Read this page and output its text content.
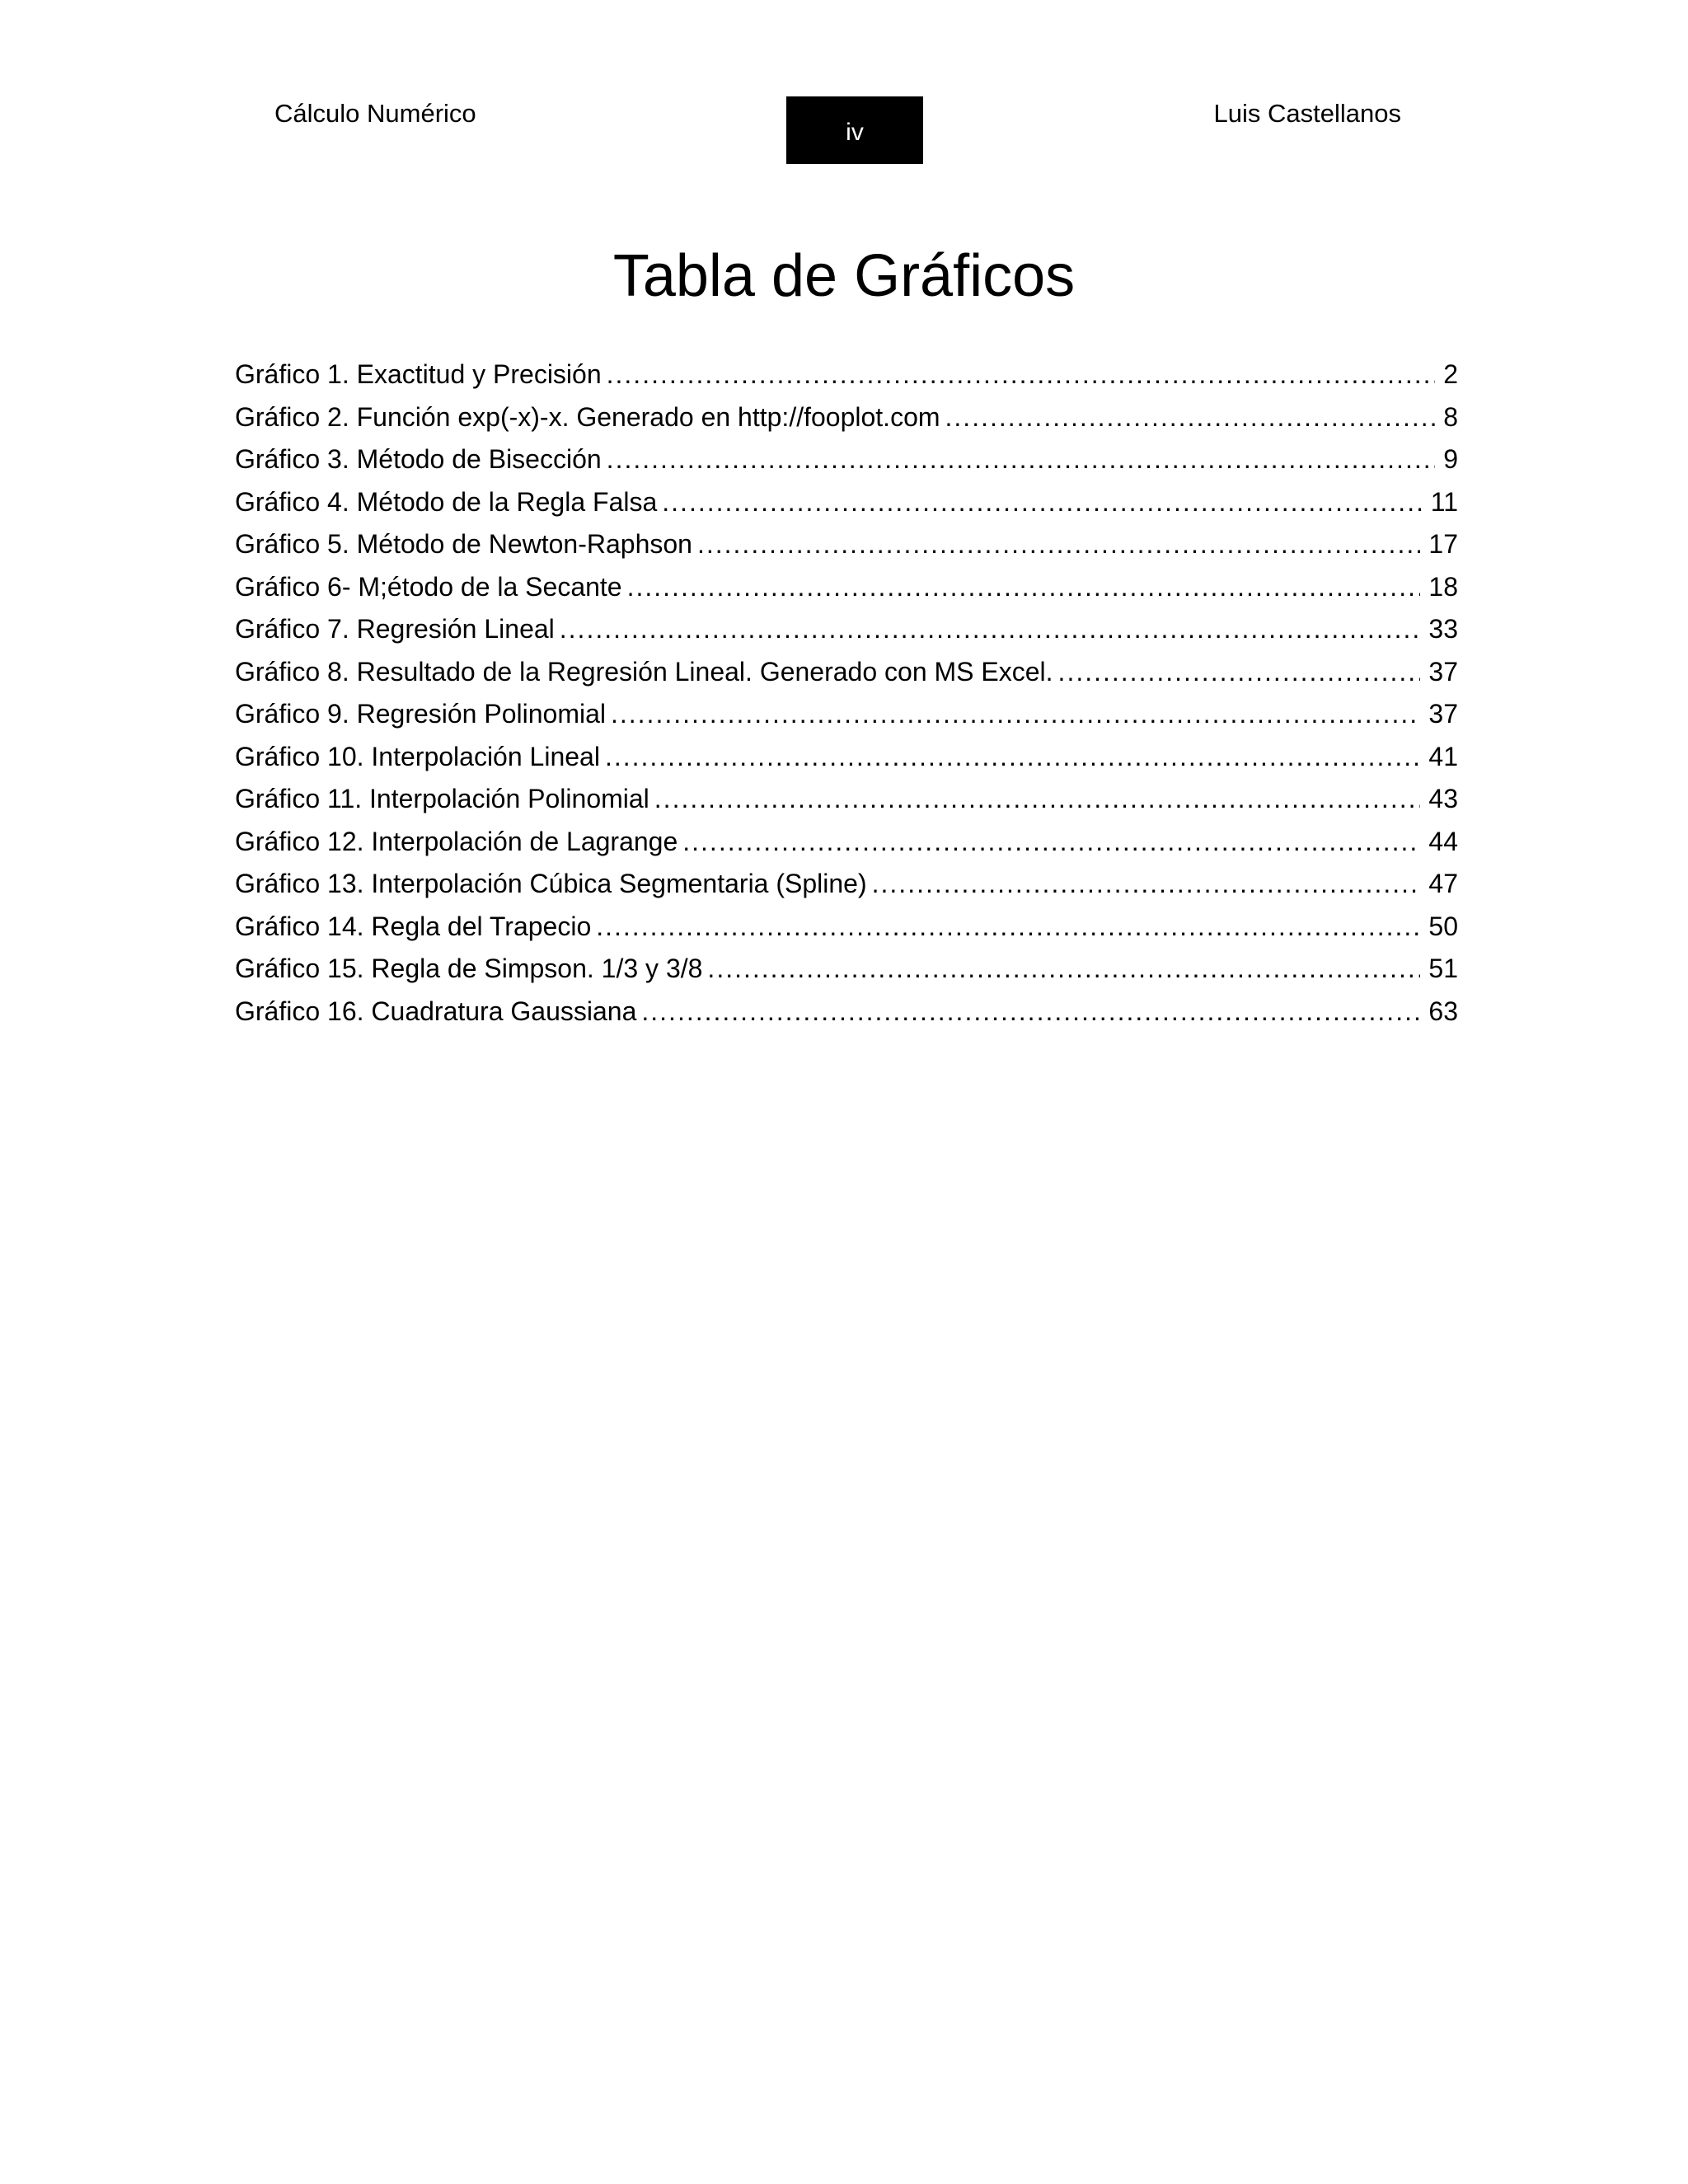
Cálculo Numérico
iv
Luis Castellanos
Tabla de Gráficos
Gráfico 1. Exactitud y Precisión .....	2
Gráfico 2. Función exp(-x)-x. Generado en http://fooplot.com .....	8
Gráfico 3. Método de Bisección .....	9
Gráfico 4. Método de la Regla Falsa .....	11
Gráfico 5. Método de Newton-Raphson .....	17
Gráfico 6- M;étodo de la Secante .....	18
Gráfico 7. Regresión Lineal .....	33
Gráfico 8. Resultado de la Regresión Lineal. Generado con MS Excel. .....	37
Gráfico 9. Regresión Polinomial .....	37
Gráfico 10. Interpolación Lineal .....	41
Gráfico 11. Interpolación Polinomial .....	43
Gráfico 12. Interpolación de Lagrange .....	44
Gráfico 13. Interpolación Cúbica Segmentaria (Spline) .....	47
Gráfico 14. Regla del Trapecio .....	50
Gráfico 15. Regla de Simpson. 1/3 y 3/8 .....	51
Gráfico 16. Cuadratura Gaussiana .....	63
